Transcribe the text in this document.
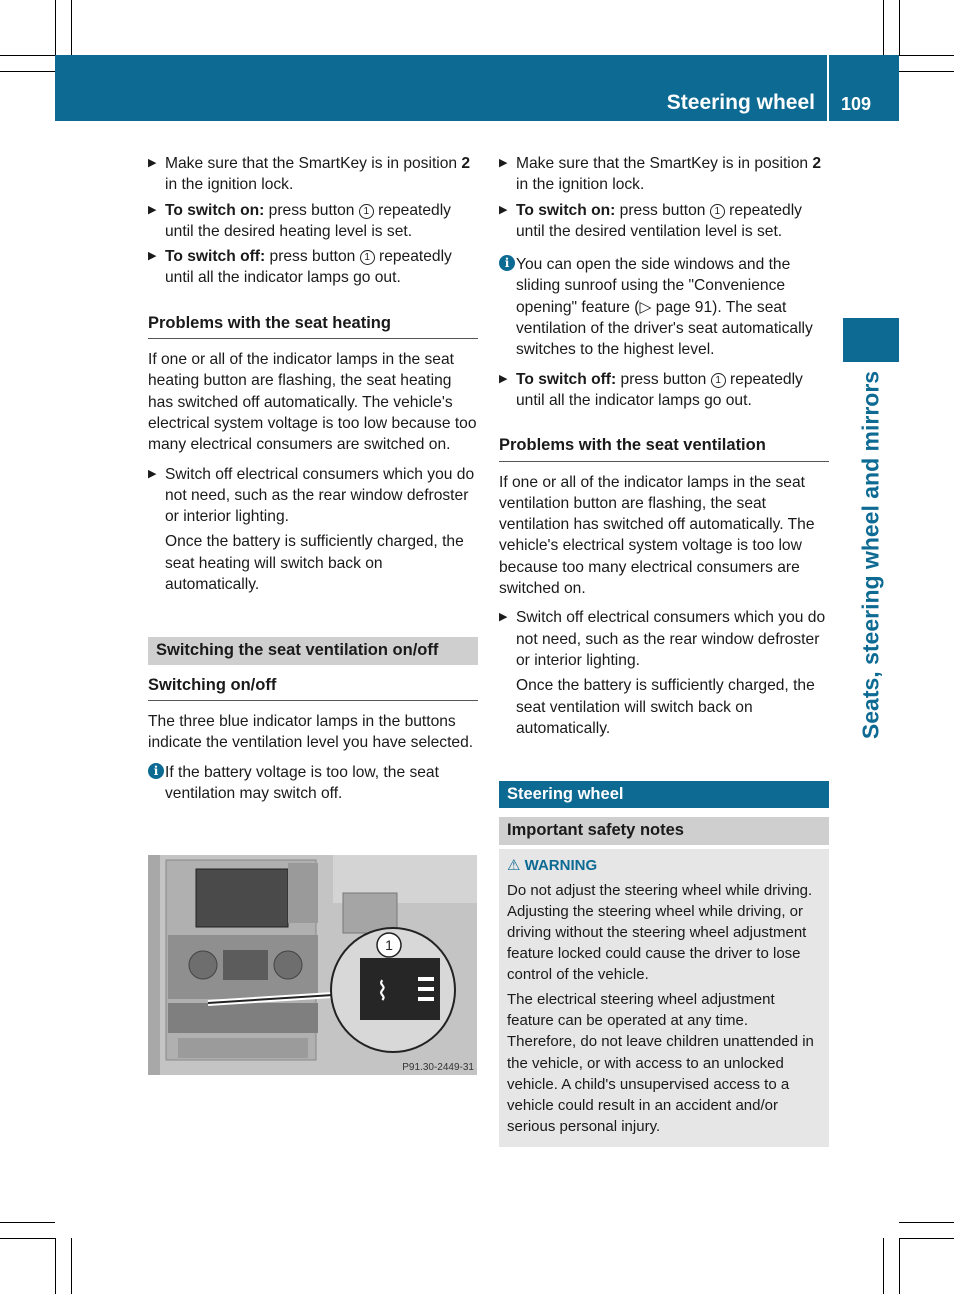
Steering wheel 109
Seats, steering wheel and mirrors
▶ Make sure that the SmartKey is in position 2 in the ignition lock.
▶ To switch on: press button 1 repeatedly until the desired heating level is set.
▶ To switch off: press button 1 repeatedly until all the indicator lamps go out.
Problems with the seat heating

If one or all of the indicator lamps in the seat heating button are flashing, the seat heating has switched off automatically. The vehicle's electrical system voltage is too low because too many electrical consumers are switched on.

▶ Switch off electrical consumers which you do not need, such as the rear window defroster or interior lighting.
Once the battery is sufficiently charged, the seat heating will switch back on automatically.
Switching the seat ventilation on/off
Switching on/off

The three blue indicator lamps in the buttons indicate the ventilation level you have selected.

i If the battery voltage is too low, the seat ventilation may switch off.
⌇
1
P91.30-2449-31
▶ Make sure that the SmartKey is in position 2 in the ignition lock.
▶ To switch on: press button 1 repeatedly until the desired ventilation level is set.
i You can open the side windows and the sliding sunroof using the "Convenience opening" feature (▷ page 91). The seat ventilation of the driver's seat automatically switches to the highest level.
▶ To switch off: press button 1 repeatedly until all the indicator lamps go out.
Problems with the seat ventilation

If one or all of the indicator lamps in the seat ventilation button are flashing, the seat ventilation has switched off automatically. The vehicle's electrical system voltage is too low because too many electrical consumers are switched on.

▶ Switch off electrical consumers which you do not need, such as the rear window defroster or interior lighting.
Once the battery is sufficiently charged, the seat ventilation will switch back on automatically.
Steering wheel
Important safety notes
⚠ WARNING

Do not adjust the steering wheel while driving. Adjusting the steering wheel while driving, or driving without the steering wheel adjustment feature locked could cause the driver to lose control of the vehicle.

The electrical steering wheel adjustment feature can be operated at any time. Therefore, do not leave children unattended in the vehicle, or with access to an unlocked vehicle. A child's unsupervised access to a vehicle could result in an accident and/or serious personal injury.
